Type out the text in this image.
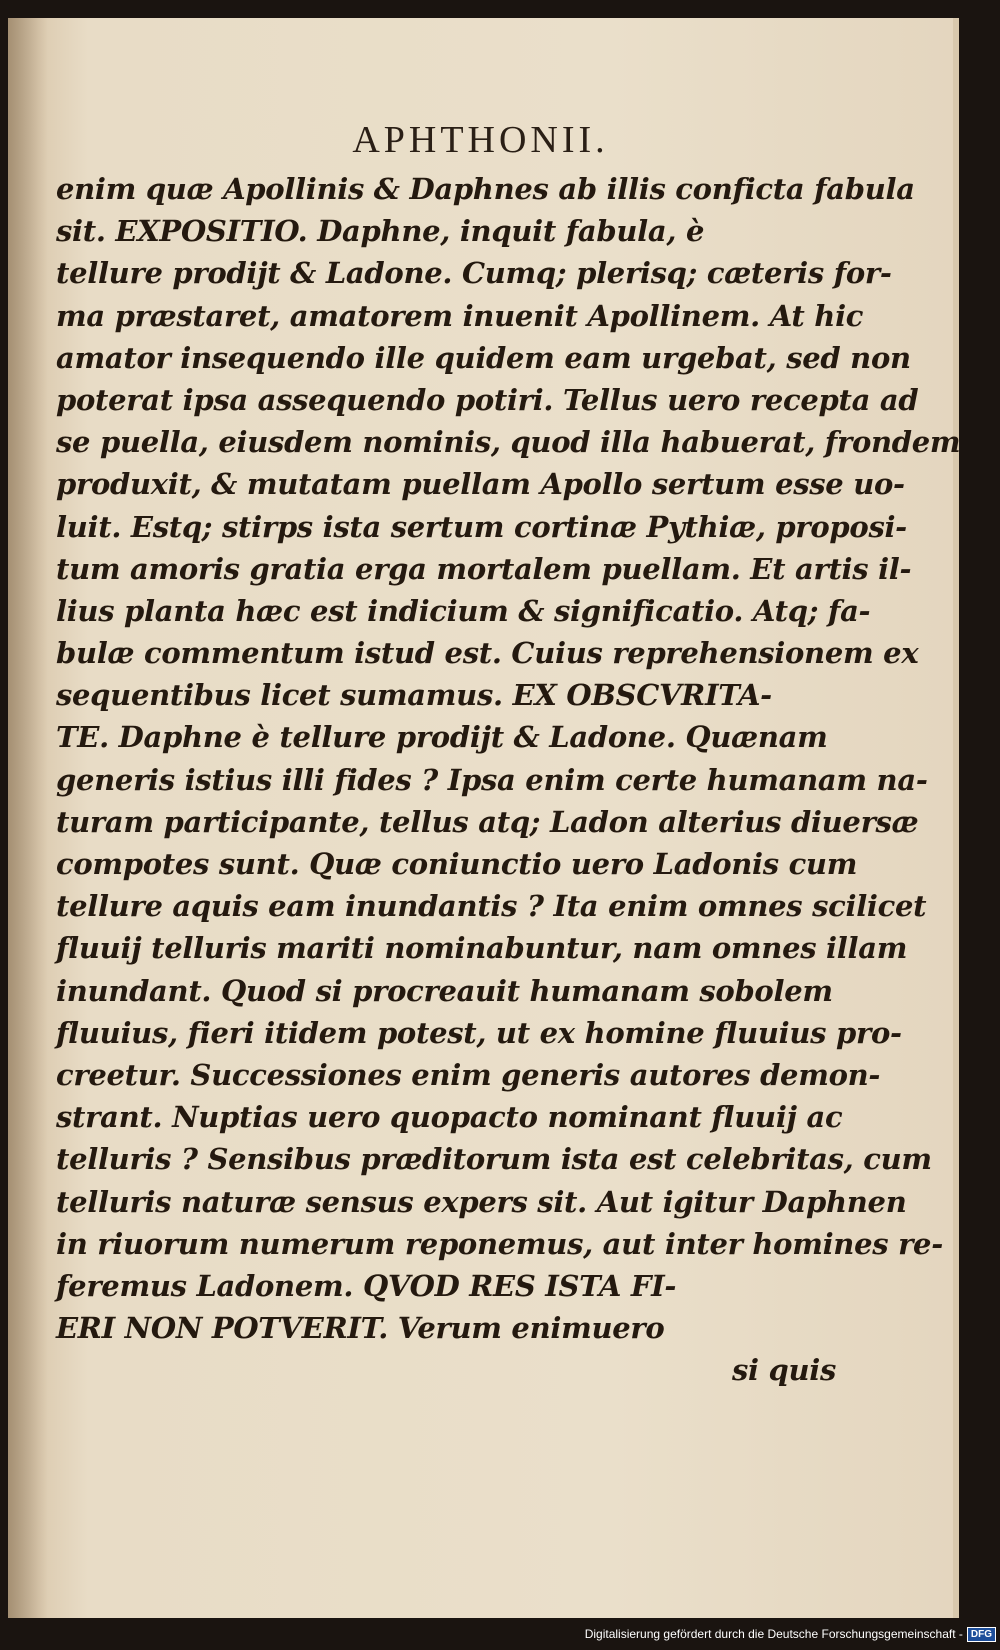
APHTHONII.
enim quæ Apollinis & Daphnes ab illis conficta fabula
sit. EXPOSITIO. Daphne, inquit fabula, è
tellure prodijt & Ladone. Cumq; plerisq; cæteris for-
ma præstaret, amatorem inuenit Apollinem. At hic
amator insequendo ille quidem eam urgebat, sed non
poterat ipsa assequendo potiri. Tellus uero recepta ad
se puella, eiusdem nominis, quod illa habuerat, frondem
produxit, & mutatam puellam Apollo sertum esse uo-
luit. Estq; stirps ista sertum cortinæ Pythiæ, proposi-
tum amoris gratia erga mortalem puellam. Et artis il-
lius planta hæc est indicium & significatio. Atq; fa-
bulæ commentum istud est. Cuius reprehensionem ex
sequentibus licet sumamus. EX OBSCVRITA-
TE. Daphne è tellure prodijt & Ladone. Quænam
generis istius illi fides ? Ipsa enim certe humanam na-
turam participante, tellus atq; Ladon alterius diuersæ
compotes sunt. Quæ coniunctio uero Ladonis cum
tellure aquis eam inundantis ? Ita enim omnes scilicet
fluuij telluris mariti nominabuntur, nam omnes illam
inundant. Quod si procreauit humanam sobolem
fluuius, fieri itidem potest, ut ex homine fluuius pro-
creetur. Successiones enim generis autores demon-
strant. Nuptias uero quopacto nominant fluuij ac
telluris ? Sensibus præditorum ista est celebritas, cum
telluris naturæ sensus expers sit. Aut igitur Daphnen
in riuorum numerum reponemus, aut inter homines re-
feremus Ladonem. QVOD RES ISTA FI-
ERI NON POTVERIT. Verum enimuero
si quis
Digitalisierung gefördert durch die Deutsche Forschungsgemeinschaft - DFG
